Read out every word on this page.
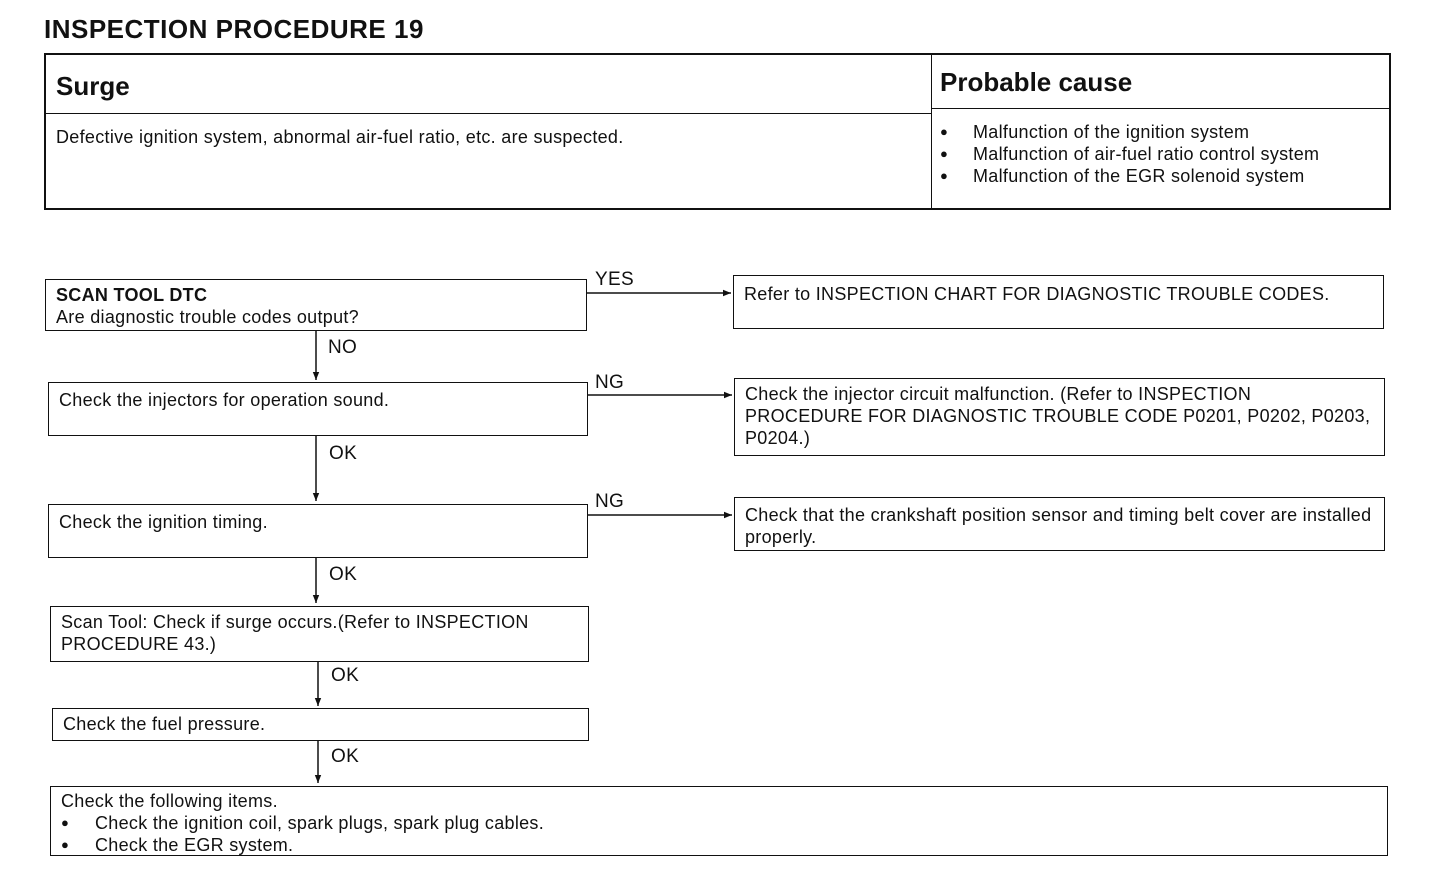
INSPECTION PROCEDURE 19
Surge	Probable cause
Defective ignition system, abnormal air-fuel ratio, etc. are suspected.
●	Malfunction of the ignition system
● Malfunction of air-fuel ratio control system
● Malfunction of the EGR solenoid system
SCAN TOOL DTC
Are diagnostic trouble codes output?
YES
NO
Refer to INSPECTION CHART FOR DIAGNOSTIC TROUBLE CODES.
Check the injectors for operation sound.
NG
OK
Check the injector circuit malfunction. (Refer to INSPECTION PROCEDURE FOR DIAGNOSTIC TROUBLE CODE P0201, P0202, P0203, P0204.)
Check the ignition timing.
NG
OK
Check that the crankshaft position sensor and timing belt cover are installed properly.
Scan Tool: Check if surge occurs.(Refer to INSPECTION PROCEDURE 43.)
OK
Check the fuel pressure.
OK
Check the following items.
● Check the ignition coil, spark plugs, spark plug cables.
● Check the EGR system.
